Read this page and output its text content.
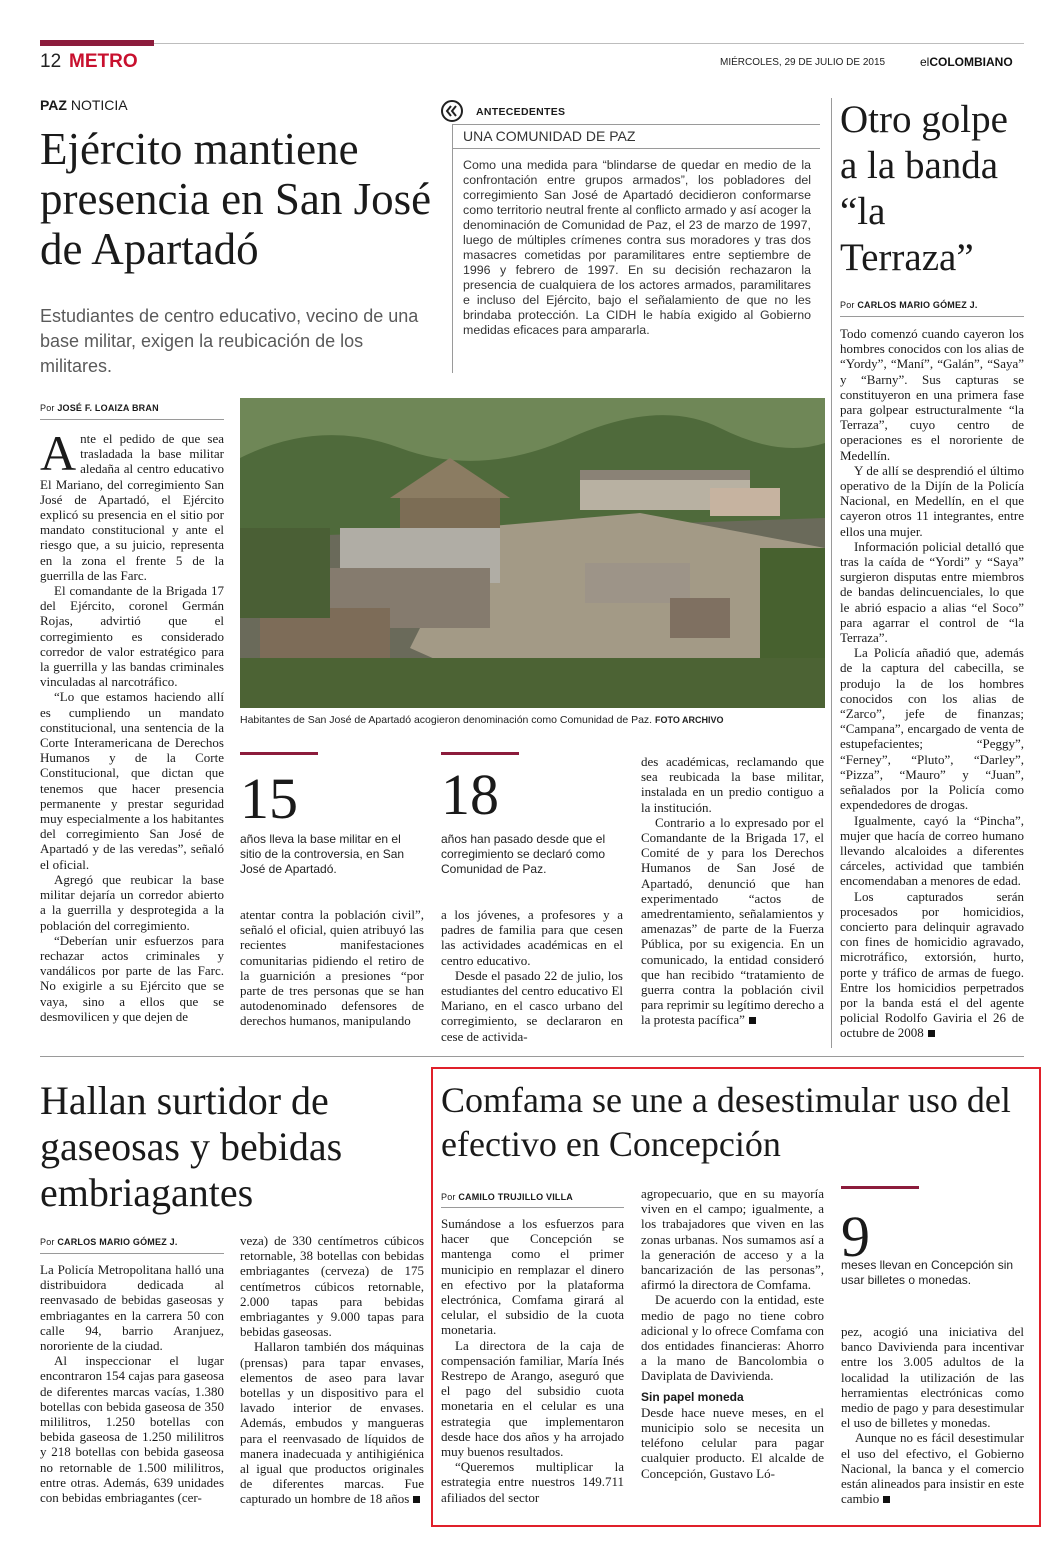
12 METRO	MIÉRCOLES, 29 DE JULIO DE 2015	elCOLOMBIANO
PAZ NOTICIA
Ejército mantiene presencia en San José de Apartadó
Estudiantes de centro educativo, vecino de una base militar, exigen la reubicación de los militares.
Por JOSÉ F. LOAIZA BRAN

Ante el pedido de que sea trasladada la base militar aledaña al centro educativo El Mariano, del corregimiento San José de Apartadó, el Ejército explicó su presencia en el sitio por mandato constitucional y ante el riesgo que, a su juicio, representa en la zona el frente 5 de la guerrilla de las Farc.

El comandante de la Brigada 17 del Ejército, coronel Germán Rojas, advirtió que el corregimiento es considerado corredor de valor estratégico para la guerrilla y las bandas criminales vinculadas al narcotráfico.

“Lo que estamos haciendo allí es cumpliendo un mandato constitucional, una sentencia de la Corte Interamericana de Derechos Humanos y de la Corte Constitucional, que dictan que tenemos que hacer presencia permanente y prestar seguridad muy especialmente a los habitantes del corregimiento San José de Apartadó y de las veredas”, señaló el oficial.

Agregó que reubicar la base militar dejaría un corredor abierto a la guerrilla y desprotegida a la población del corregimiento.

“Deberían unir esfuerzos para rechazar actos criminales y vandálicos por parte de las Farc. No exigirle a su Ejército que se vaya, sino a ellos que se desmovilicen y que dejen de

ANTECEDENTES
UNA COMUNIDAD DE PAZ
Como una medida para “blindarse de quedar en medio de la confrontación entre grupos armados”, los pobladores del corregimiento San José de Apartadó decidieron conformarse como territorio neutral frente al conflicto armado y así acoger la denominación de Comunidad de Paz, el 23 de marzo de 1997, luego de múltiples crímenes contra sus moradores y tras dos masacres cometidas por paramilitares entre septiembre de 1996 y febrero de 1997. En su decisión rechazaron la presencia de cualquiera de los actores armados, paramilitares e incluso del Ejército, bajo el señalamiento de que no les brindaba protección. La CIDH le había exigido al Gobierno medidas eficaces para ampararla.
Habitantes de San José de Apartadó acogieron denominación como Comunidad de Paz. FOTO ARCHIVO
15
años lleva la base militar en el sitio de la controversia, en San José de Apartadó.
18
años han pasado desde que el corregimiento se declaró como Comunidad de Paz.

atentar contra la población civil”, señaló el oficial, quien atribuyó las recientes manifestaciones comunitarias pidiendo el retiro de la guarnición a presiones “por parte de tres personas que se han autodenominado defensores de derechos humanos, manipulando

a los jóvenes, a profesores y a padres de familia para que cesen las actividades académicas en el centro educativo.

Desde el pasado 22 de julio, los estudiantes del centro educativo El Mariano, en el casco urbano del corregimiento, se declararon en cese de activida-

des académicas, reclamando que sea reubicada la base militar, instalada en un predio contiguo a la institución.

Contrario a lo expresado por el Comandante de la Brigada 17, el Comité de y para los Derechos Humanos de San José de Apartadó, denunció que han experimentado “actos de amedrentamiento, señalamientos y amenazas” de parte de la Fuerza Pública, por su exigencia. En un comunicado, la entidad consideró que han recibido “tratamiento de guerra contra la población civil para reprimir su legítimo derecho a la protesta pacífica”

Otro golpe a la banda “la Terraza”
Por CARLOS MARIO GÓMEZ J.

Todo comenzó cuando cayeron los hombres conocidos con los alias de “Yordy”, “Maní”, “Galán”, “Saya” y “Barny”. Sus capturas se constituyeron en una primera fase para golpear estructuralmente “la Terraza”, cuyo centro de operaciones es el nororiente de Medellín.

Y de allí se desprendió el último operativo de la Dijín de la Policía Nacional, en Medellín, en el que cayeron otros 11 integrantes, entre ellos una mujer.

Información policial detalló que tras la caída de “Yordi” y “Saya” surgieron disputas entre miembros de bandas delincuenciales, lo que le abrió espacio a alias “el Soco” para agarrar el control de “la Terraza”.

La Policía añadió que, además de la captura del cabecilla, se produjo la de los hombres conocidos con los alias de “Zarco”, jefe de finanzas; “Campana”, encargado de venta de estupefacientes; “Peggy”, “Ferney”, “Pluto”, “Darley”, “Pizza”, “Mauro” y “Juan”, señalados por la Policía como expendedores de drogas.

Igualmente, cayó la “Pincha”, mujer que hacía de correo humano llevando alcaloides a diferentes cárceles, actividad que también encomendaban a menores de edad.

Los capturados serán procesados por homicidios, concierto para delinquir agravado con fines de homicidio agravado, microtráfico, extorsión, hurto, porte y tráfico de armas de fuego. Entre los homicidios perpetrados por la banda está el del agente policial Rodolfo Gaviria el 26 de octubre de 2008

Hallan surtidor de gaseosas y bebidas embriagantes
Por CARLOS MARIO GÓMEZ J.

La Policía Metropolitana halló una distribuidora dedicada al reenvasado de bebidas gaseosas y embriagantes en la carrera 50 con calle 94, barrio Aranjuez, nororiente de la ciudad.

Al inspeccionar el lugar encontraron 154 cajas para gaseosa de diferentes marcas vacías, 1.380 botellas con bebida gaseosa de 350 mililitros, 1.250 botellas con bebida gaseosa de 1.250 mililitros y 218 botellas con bebida gaseosa no retornable de 1.500 mililitros, entre otras. Además, 639 unidades con bebidas embriagantes (cer-

veza) de 330 centímetros cúbicos retornable, 38 botellas con bebidas embriagantes (cerveza) de 175 centímetros cúbicos retornable, 2.000 tapas para bebidas embriagantes y 9.000 tapas para bebidas gaseosas.

Hallaron también dos máquinas (prensas) para tapar envases, elementos de aseo para lavar botellas y un dispositivo para el lavado interior de envases. Además, embudos y mangueras para el reenvasado de líquidos de manera inadecuada y antihigiénica al igual que productos originales de diferentes marcas. Fue capturado un hombre de 18 años

Comfama se une a desestimular uso del efectivo en Concepción
Por CAMILO TRUJILLO VILLA

Sumándose a los esfuerzos para hacer que Concepción se mantenga como el primer municipio en remplazar el dinero en efectivo por la plataforma electrónica, Comfama girará al celular, el subsidio de la cuota monetaria.

La directora de la caja de compensación familiar, María Inés Restrepo de Arango, aseguró que el pago del subsidio cuota monetaria en el celular es una estrategia que implementaron desde hace dos años y ha arrojado muy buenos resultados.

“Queremos multiplicar la estrategia entre nuestros 149.711 afiliados del sector

agropecuario, que en su mayoría viven en el campo; igualmente, a los trabajadores que viven en las zonas urbanas. Nos sumamos así a la generación de acceso y a la bancarización de las personas”, afirmó la directora de Comfama.

De acuerdo con la entidad, este medio de pago no tiene cobro adicional y lo ofrece Comfama con dos entidades financieras: Ahorro a la mano de Bancolombia o Daviplata de Davivienda.

Sin papel moneda

Desde hace nueve meses, en el municipio solo se necesita un teléfono celular para pagar cualquier producto. El alcalde de Concepción, Gustavo Ló-

9
meses llevan en Concepción sin usar billetes o monedas.

pez, acogió una iniciativa del banco Davivienda para incentivar entre los 3.005 adultos de la localidad la utilización de las herramientas electrónicas como medio de pago y para desestimular el uso de billetes y monedas.

Aunque no es fácil desestimular el uso del efectivo, el Gobierno Nacional, la banca y el comercio están alineados para insistir en este cambio
